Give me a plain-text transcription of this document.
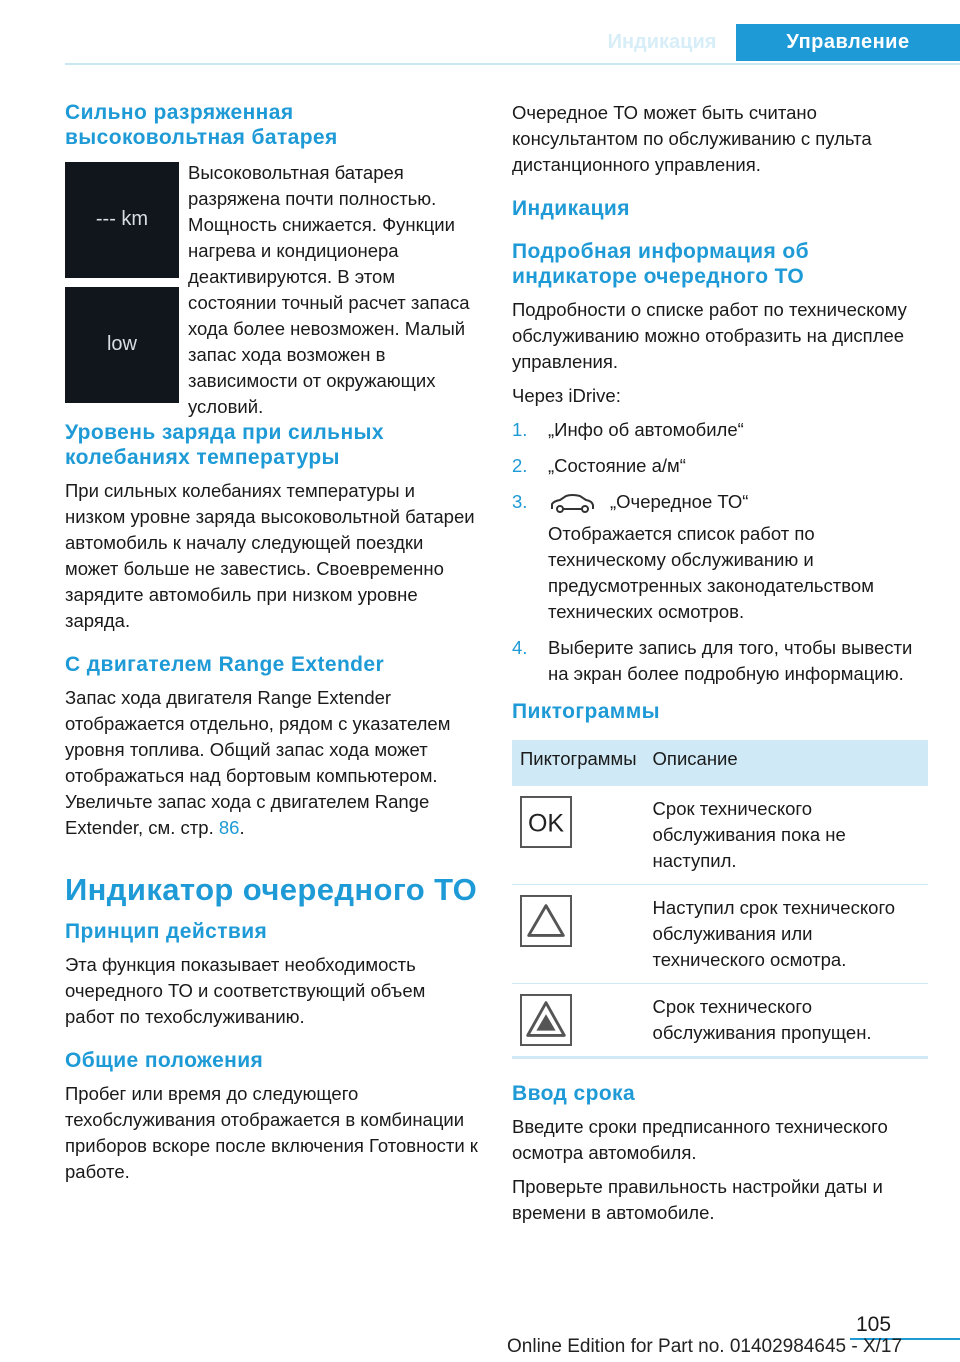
Индикация	Управление
Сильно разряженная высоковольтная батарея
--- km
low

Высоковольтная батарея разряжена почти полностью. Мощность снижается. Функции нагрева и кондиционера деактивируются. В этом состоянии точный расчет запаса хода более невозможен. Малый запас хода возможен в зависимости от окружающих условий.

Уровень заряда при сильных колебаниях температуры

При сильных колебаниях температуры и низком уровне заряда высоковольтной батареи автомобиль к началу следующей поездки может больше не завестись. Своевременно зарядите автомобиль при низком уровне заряда.

С двигателем Range Extender

Запас хода двигателя Range Extender отображается отдельно, рядом с указателем уровня топлива. Общий запас хода может отображаться над бортовым компьютером. Увеличьте запас хода с двигателем Range Extender, см. стр. 86.

Индикатор очередного ТО
Принцип действия

Эта функция показывает необходимость очередного ТО и соответствующий объем работ по техобслуживанию.

Общие положения

Пробег или время до следующего техобслуживания отображается в комбинации приборов вскоре после включения Готовности к работе.

Очередное ТО может быть считано консультантом по обслуживанию с пульта дистанционного управления.

Индикация
Подробная информация об индикаторе очередного ТО

Подробности о списке работ по техническому обслуживанию можно отобразить на дисплее управления.

Через iDrive:

1. „Инфо об автомобиле“
2. „Состояние а/м“
3.	„Очередное ТО“
Отображается список работ по техническому обслуживанию и предусмотренных законодательством технических осмотров.
4. Выберите запись для того, чтобы вывести на экран более подробную информацию.
Пиктограммы
Пиктограммы	Описание

OK	Срок технического обслуживания пока не наступил.

	Наступил срок технического обслуживания или технического осмотра.

	Срок технического обслуживания пропущен.
Ввод срока

Введите сроки предписанного технического осмотра автомобиля.

Проверьте правильность настройки даты и времени в автомобиле.

105
Online Edition for Part no. 01402984645 - X/17
